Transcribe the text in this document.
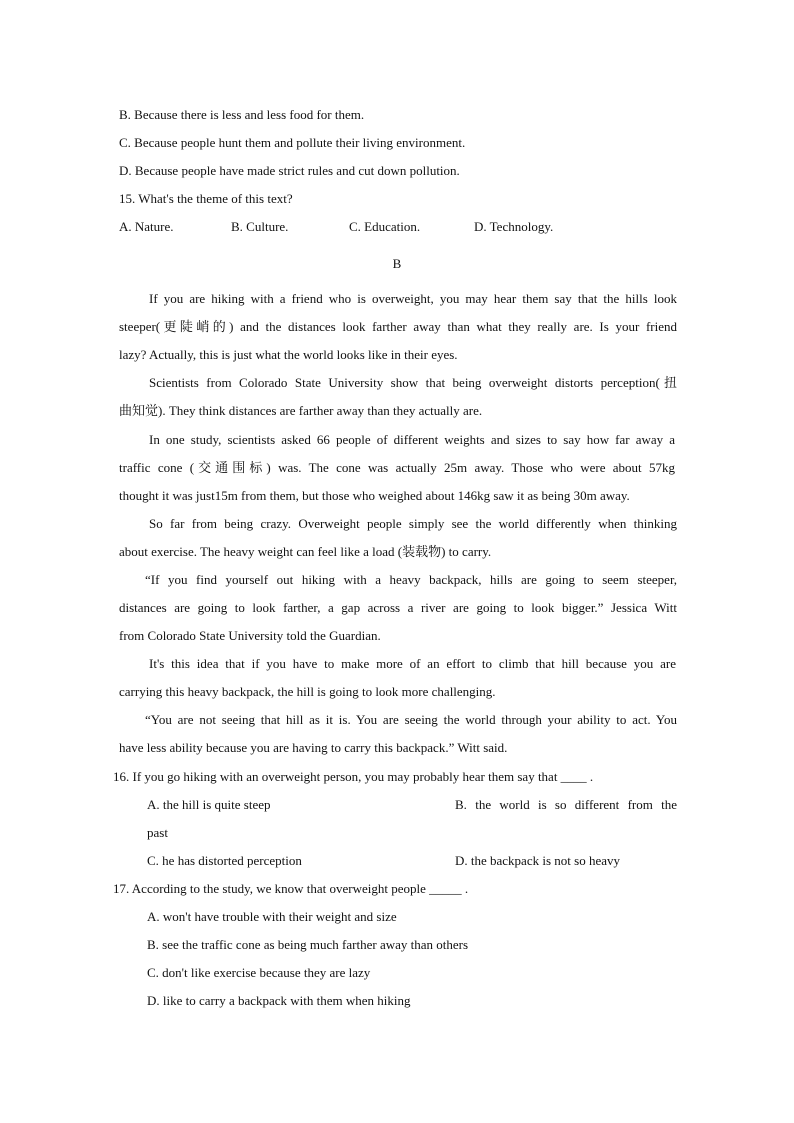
B. Because there is less and less food for them.
C. Because people hunt them and pollute their living environment.
D. Because people have made strict rules and cut down pollution.
15. What's the theme of this text?
A. Nature.	B. Culture.	C. Education.	D. Technology.
B
If you are hiking with a friend who is overweight, you may hear them say that the hills look
steeper(更陡峭的) and the distances look farther away than what they really are. Is your friend
lazy? Actually, this is just what the world looks like in their eyes.
Scientists from Colorado State University show that being overweight distorts perception(扭
曲知觉). They think distances are farther away than they actually are.
In one study, scientists asked 66 people of different weights and sizes to say how far away a
traffic cone (交通围标) was. The cone was actually 25m away. Those who were about 57kg
thought it was just15m from them, but those who weighed about 146kg saw it as being 30m away.
So far from being crazy. Overweight people simply see the world differently when thinking
about exercise. The heavy weight can feel like a load (装载物) to carry.
“If you find yourself out hiking with a heavy backpack, hills are going to seem steeper,
distances are going to look farther, a gap across a river are going to look bigger.” Jessica Witt
from Colorado State University told the Guardian.
It's this idea that if you have to make more of an effort to climb that hill because you are
carrying this heavy backpack, the hill is going to look more challenging.
“You are not seeing that hill as it is. You are seeing the world through your ability to act. You
have less ability because you are having to carry this backpack.” Witt said.
16. If you go hiking with an overweight person, you may probably hear them say that ____ .
A. the hill is quite steep	B. the world is so different from the
past
C. he has distorted perception	D. the backpack is not so heavy
17. According to the study, we know that overweight people _____ .
A. won't have trouble with their weight and size
B. see the traffic cone as being much farther away than others
C. don't like exercise because they are lazy
D. like to carry a backpack with them when hiking
